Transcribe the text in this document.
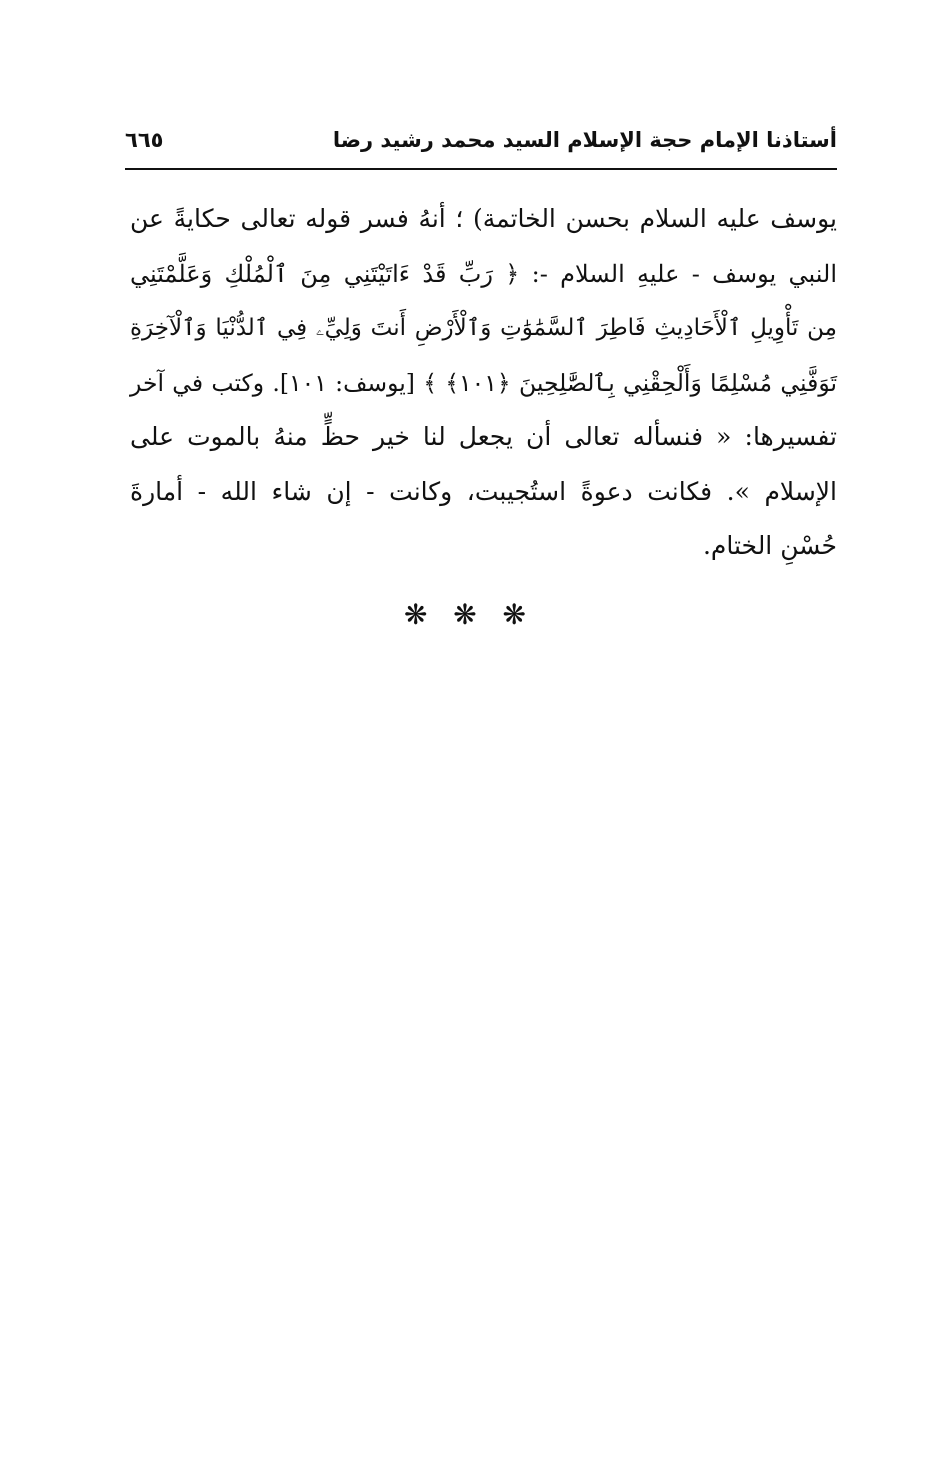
أستاذنا الإمام حجة الإسلام السيد محمد رشيد رضا
٦٦٥
يوسف عليه السلام بحسن الخاتمة) ؛ أنهُ فسر قوله تعالى حكايةً عن
النبي يوسف - عليهِ السلام -: ﴿ رَبِّ قَدْ ءَاتَيْتَنِي مِنَ ٱلْمُلْكِ وَعَلَّمْتَنِي
مِن تَأْوِيلِ ٱلْأَحَادِيثِ فَاطِرَ ٱلسَّمَٰوَٰتِ وَٱلْأَرْضِ أَنتَ وَلِيِّۦ فِي ٱلدُّنْيَا وَٱلْآخِرَةِ
تَوَفَّنِي مُسْلِمًا وَأَلْحِقْنِي بِٱلصَّٰلِحِينَ ﴿١٠١﴾ ﴾ [يوسف: ١٠١]. وكتب في آخر
تفسيرها: « فنسأله تعالى أن يجعل لنا خير حظٍّ منهُ بالموت على
الإسلام ». فكانت دعوةً استُجيبت، وكانت - إن شاء الله - أمارةَ
حُسْنِ الختام.
❋ ❋ ❋
